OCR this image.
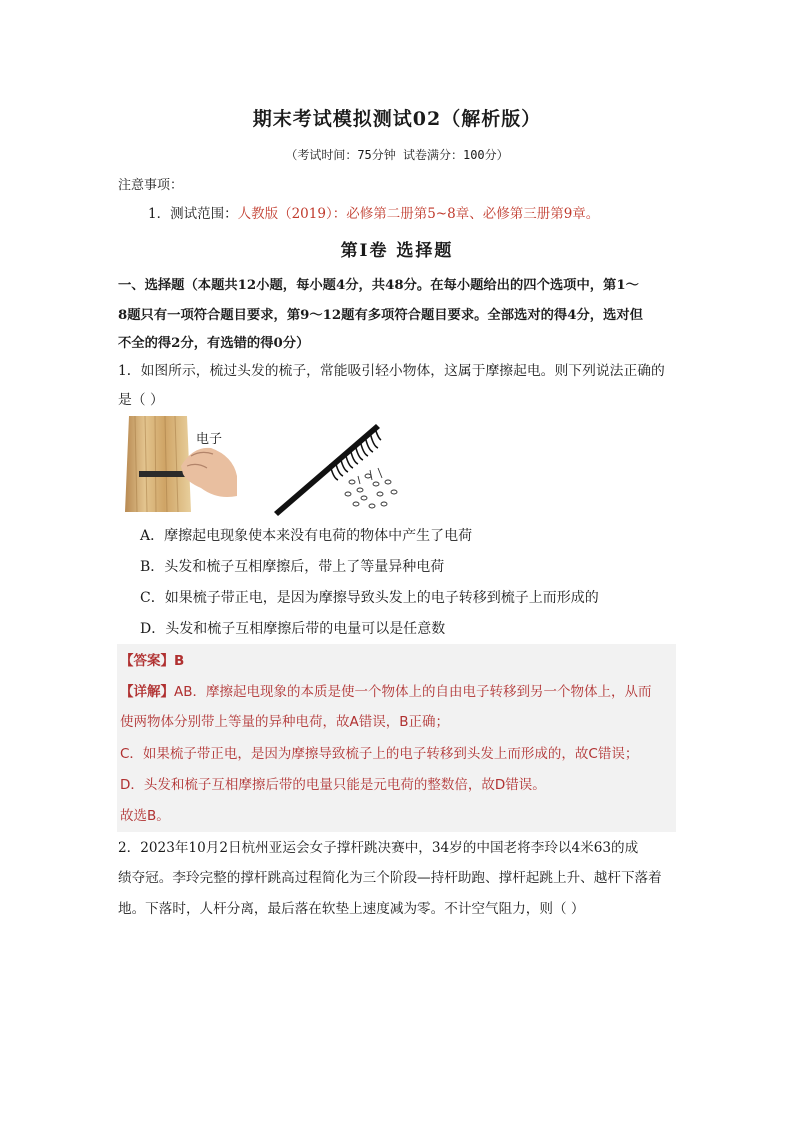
期末考试模拟测试02（解析版）
（考试时间：75分钟 试卷满分：100分）
注意事项：
1．测试范围：人教版（2019）：必修第二册第5~8章、必修第三册第9章。
第Ⅰ卷 选择题
一、选择题（本题共12小题，每小题4分，共48分。在每小题给出的四个选项中，第1～
8题只有一项符合题目要求，第9～12题有多项符合题目要求。全部选对的得4分，选对但
不全的得2分，有选错的得0分）
1．如图所示，梳过头发的梳子，常能吸引轻小物体，这属于摩擦起电。则下列说法正确的
是（ ）
电子
A．摩擦起电现象使本来没有电荷的物体中产生了电荷
B．头发和梳子互相摩擦后，带上了等量异种电荷
C．如果梳子带正电，是因为摩擦导致头发上的电子转移到梳子上而形成的
D．头发和梳子互相摩擦后带的电量可以是任意数
【答案】B
【详解】AB．摩擦起电现象的本质是使一个物体上的自由电子转移到另一个物体上，从而
使两物体分别带上等量的异种电荷，故A错误，B正确；
C．如果梳子带正电，是因为摩擦导致梳子上的电子转移到头发上而形成的，故C错误；
D．头发和梳子互相摩擦后带的电量只能是元电荷的整数倍，故D错误。
故选B。
2．2023年10月2日杭州亚运会女子撑杆跳决赛中，34岁的中国老将李玲以4米63的成
绩夺冠。李玲完整的撑杆跳高过程简化为三个阶段—持杆助跑、撑杆起跳上升、越杆下落着
地。下落时，人杆分离，最后落在软垫上速度减为零。不计空气阻力，则（ ）
